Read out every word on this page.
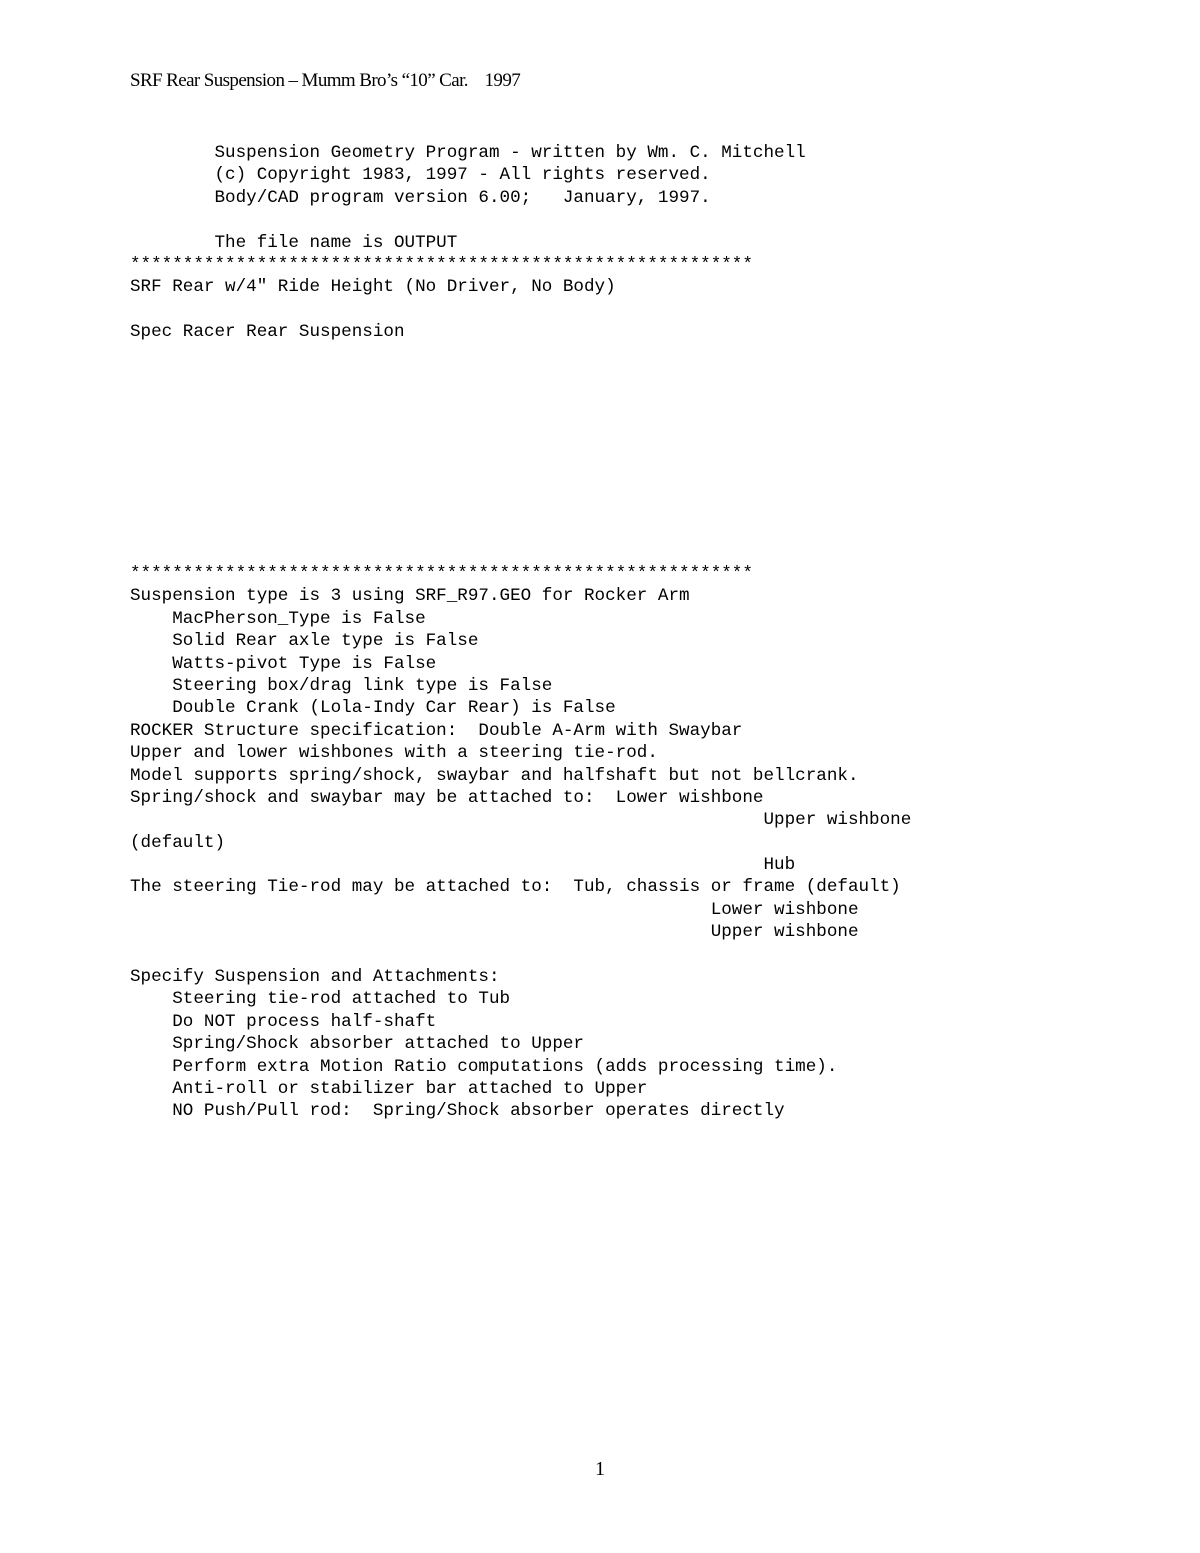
SRF Rear Suspension – Mumm Bro’s “10” Car.    1997

Suspension Geometry Program - written by Wm. C. Mitchell
(c) Copyright 1983, 1997 - All rights reserved.
Body/CAD program version 6.00;   January, 1997.

The file name is OUTPUT
***********************************************************
SRF Rear w/4" Ride Height (No Driver, No Body)

Spec Racer Rear Suspension
***********************************************************
Suspension type is 3 using SRF_R97.GEO for Rocker Arm
MacPherson_Type is False
Solid Rear axle type is False
Watts-pivot Type is False
Steering box/drag link type is False
Double Crank (Lola-Indy Car Rear) is False
ROCKER Structure specification:  Double A-Arm with Swaybar
Upper and lower wishbones with a steering tie-rod.
Model supports spring/shock, swaybar and halfshaft but not bellcrank.
Spring/shock and swaybar may be attached to:  Lower wishbone
Upper wishbone
(default)
Hub
The steering Tie-rod may be attached to:  Tub, chassis or frame (default)
Lower wishbone
Upper wishbone

Specify Suspension and Attachments:
Steering tie-rod attached to Tub
Do NOT process half-shaft
Spring/Shock absorber attached to Upper
Perform extra Motion Ratio computations (adds processing time).
Anti-roll or stabilizer bar attached to Upper
NO Push/Pull rod:  Spring/Shock absorber operates directly

1
